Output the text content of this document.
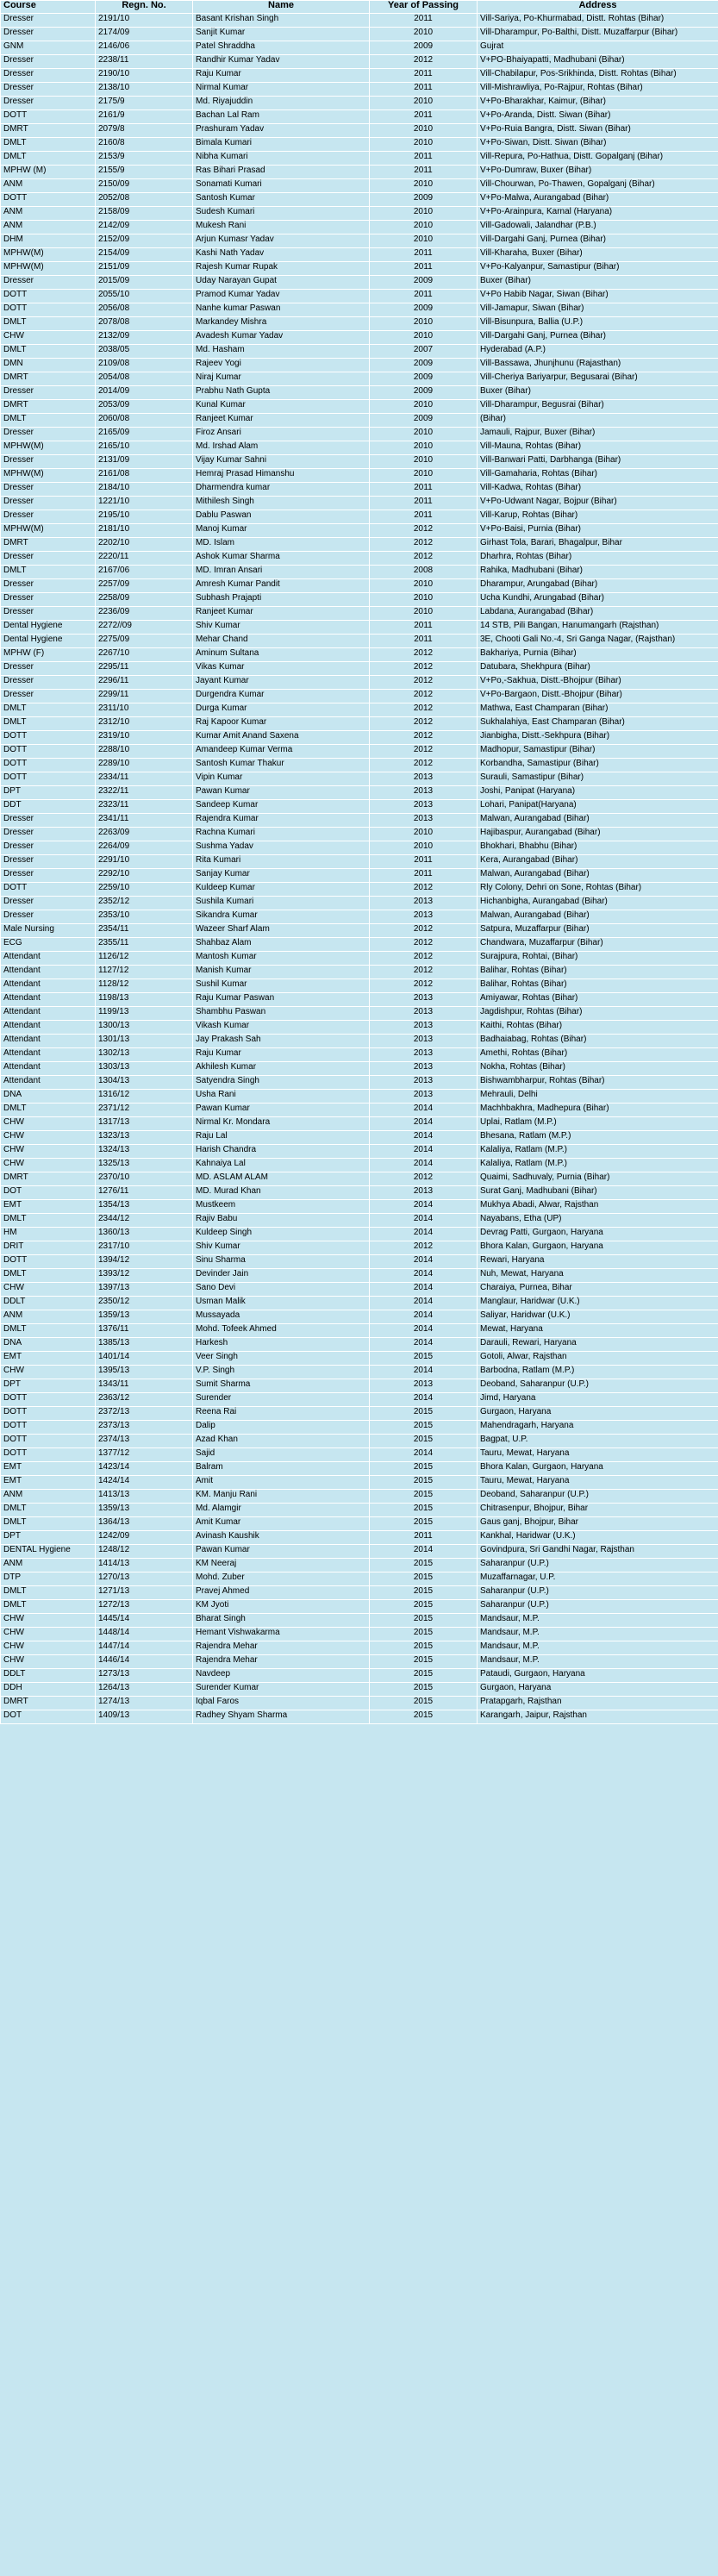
Course	Regn. No.	Name	Year of Passing	Address
Dresser	2191/10	Basant Krishan Singh	2011	Vill-Sariya, Po-Khurmabad, Distt. Rohtas (Bihar)
Dresser	2174/09	Sanjit Kumar	2010	Vill-Dharampur, Po-Balthi, Distt. Muzaffarpur (Bihar)
GNM	2146/06	Patel Shraddha	2009	Gujrat
Dresser	2238/11	Randhir Kumar Yadav	2012	V+PO-Bhaiyapatti, Madhubani (Bihar)
Dresser	2190/10	Raju Kumar	2011	Vill-Chabilapur, Pos-Srikhinda, Distt. Rohtas (Bihar)
Dresser	2138/10	Nirmal Kumar	2011	Vill-Mishrawliya, Po-Rajpur, Rohtas (Bihar)
Dresser	2175/9	Md. Riyajuddin	2010	V+Po-Bharakhar, Kaimur, (Bihar)
DOTT	2161/9	Bachan Lal Ram	2011	V+Po-Aranda, Distt. Siwan (Bihar)
DMRT	2079/8	Prashuram Yadav	2010	V+Po-Ruia Bangra, Distt. Siwan (Bihar)
DMLT	2160/8	Bimala Kumari	2010	V+Po-Siwan, Distt. Siwan (Bihar)
DMLT	2153/9	Nibha Kumari	2011	Vill-Repura, Po-Hathua, Distt. Gopalganj (Bihar)
MPHW (M)	2155/9	Ras Bihari Prasad	2011	V+Po-Dumraw, Buxer (Bihar)
ANM	2150/09	Sonamati Kumari	2010	Vill-Chourwan, Po-Thawen, Gopalganj (Bihar)
DOTT	2052/08	Santosh Kumar	2009	V+Po-Malwa, Aurangabad (Bihar)
ANM	2158/09	Sudesh Kumari	2010	V+Po-Arainpura, Karnal (Haryana)
ANM	2142/09	Mukesh Rani	2010	Vill-Gadowali, Jalandhar (P.B.)
DHM	2152/09	Arjun Kumasr Yadav	2010	Vill-Dargahi Ganj, Purnea (Bihar)
MPHW(M)	2154/09	Kashi Nath Yadav	2011	Vill-Kharaha, Buxer (Bihar)
MPHW(M)	2151/09	Rajesh Kumar Rupak	2011	V+Po-Kalyanpur, Samastipur (Bihar)
Dresser	2015/09	Uday Narayan Gupat	2009	Buxer (Bihar)
DOTT	2055/10	Pramod Kumar Yadav	2011	V+Po Habib Nagar, Siwan (Bihar)
DOTT	2056/08	Nanhe kumar Paswan	2009	Vill-Jamapur, Siwan (Bihar)
DMLT	2078/08	Markandey Mishra	2010	Vill-Bisunpura, Ballia (U.P.)
CHW	2132/09	Avadesh Kumar Yadav	2010	Vill-Dargahi Ganj, Purnea (Bihar)
DMLT	2038/05	Md. Hasham	2007	Hyderabad (A.P.)
DMN	2109/08	Rajeev Yogi	2009	Vill-Bassawa, Jhunjhunu (Rajasthan)
DMRT	2054/08	Niraj Kumar	2009	Vill-Cheriya Bariyarpur, Begusarai (Bihar)
Dresser	2014/09	Prabhu Nath Gupta	2009	Buxer (Bihar)
DMRT	2053/09	Kunal Kumar	2010	Vill-Dharampur, Begusrai (Bihar)
DMLT	2060/08	Ranjeet Kumar	2009	(Bihar)
Dresser	2165/09	Firoz Ansari	2010	Jamauli, Rajpur, Buxer (Bihar)
MPHW(M)	2165/10	Md. Irshad Alam	2010	Vill-Mauna, Rohtas (Bihar)
Dresser	2131/09	Vijay Kumar Sahni	2010	Vill-Banwari Patti, Darbhanga (Bihar)
MPHW(M)	2161/08	Hemraj Prasad Himanshu	2010	Vill-Gamaharia, Rohtas (Bihar)
Dresser	2184/10	Dharmendra kumar	2011	Vill-Kadwa, Rohtas (Bihar)
Dresser	1221/10	Mithilesh Singh	2011	V+Po-Udwant Nagar, Bojpur (Bihar)
Dresser	2195/10	Dablu Paswan	2011	Vill-Karup, Rohtas (Bihar)
MPHW(M)	2181/10	Manoj Kumar	2012	V+Po-Baisi, Purnia (Bihar)
DMRT	2202/10	MD. Islam	2012	Girhast Tola, Barari, Bhagalpur, Bihar
Dresser	2220/11	Ashok Kumar Sharma	2012	Dharhra, Rohtas (Bihar)
DMLT	2167/06	MD. Imran Ansari	2008	Rahika, Madhubani (Bihar)
Dresser	2257/09	Amresh Kumar Pandit	2010	Dharampur, Arungabad (Bihar)
Dresser	2258/09	Subhash Prajapti	2010	Ucha Kundhi, Arungabad (Bihar)
Dresser	2236/09	Ranjeet Kumar	2010	Labdana, Aurangabad (Bihar)
Dental Hygiene	2272//09	Shiv Kumar	2011	14 STB, Pili Bangan, Hanumangarh (Rajsthan)
Dental Hygiene	2275/09	Mehar Chand	2011	3E, Chooti Gali No.-4, Sri Ganga Nagar, (Rajsthan)
MPHW (F)	2267/10	Aminum Sultana	2012	Bakhariya, Purnia (Bihar)
Dresser	2295/11	Vikas Kumar	2012	Datubara, Shekhpura (Bihar)
Dresser	2296/11	Jayant Kumar	2012	V+Po,-Sakhua, Distt.-Bhojpur (Bihar)
Dresser	2299/11	Durgendra Kumar	2012	V+Po-Bargaon, Distt.-Bhojpur (Bihar)
DMLT	2311/10	Durga Kumar	2012	Mathwa, East Champaran (Bihar)
DMLT	2312/10	Raj Kapoor Kumar	2012	Sukhalahiya, East Champaran (Bihar)
DOTT	2319/10	Kumar Amit Anand Saxena	2012	Jianbigha, Distt.-Sekhpura (Bihar)
DOTT	2288/10	Amandeep Kumar Verma	2012	Madhopur, Samastipur (Bihar)
DOTT	2289/10	Santosh Kumar Thakur	2012	Korbandha, Samastipur (Bihar)
DOTT	2334/11	Vipin Kumar	2013	Surauli, Samastipur (Bihar)
DPT	2322/11	Pawan Kumar	2013	Joshi, Panipat (Haryana)
DDT	2323/11	Sandeep Kumar	2013	Lohari, Panipat(Haryana)
Dresser	2341/11	Rajendra Kumar	2013	Malwan, Aurangabad (Bihar)
Dresser	2263/09	Rachna Kumari	2010	Hajibaspur, Aurangabad (Bihar)
Dresser	2264/09	Sushma Yadav	2010	Bhokhari, Bhabhu (Bihar)
Dresser	2291/10	Rita Kumari	2011	Kera, Aurangabad (Bihar)
Dresser	2292/10	Sanjay Kumar	2011	Malwan, Aurangabad (Bihar)
DOTT	2259/10	Kuldeep Kumar	2012	Rly Colony, Dehri on Sone, Rohtas (Bihar)
Dresser	2352/12	Sushila Kumari	2013	Hichanbigha, Aurangabad (Bihar)
Dresser	2353/10	Sikandra Kumar	2013	Malwan, Aurangabad (Bihar)
Male Nursing	2354/11	Wazeer Sharf Alam	2012	Satpura, Muzaffarpur (Bihar)
ECG	2355/11	Shahbaz Alam	2012	Chandwara, Muzaffarpur (Bihar)
Attendant	1126/12	Mantosh Kumar	2012	Surajpura, Rohtai, (Bihar)
Attendant	1127/12	Manish Kumar	2012	Balihar, Rohtas (Bihar)
Attendant	1128/12	Sushil Kumar	2012	Balihar, Rohtas (Bihar)
Attendant	1198/13	Raju Kumar Paswan	2013	Amiyawar, Rohtas (Bihar)
Attendant	1199/13	Shambhu Paswan	2013	Jagdishpur, Rohtas (Bihar)
Attendant	1300/13	Vikash Kumar	2013	Kaithi, Rohtas (Bihar)
Attendant	1301/13	Jay Prakash Sah	2013	Badhaiabag, Rohtas (Bihar)
Attendant	1302/13	Raju Kumar	2013	Amethi, Rohtas (Bihar)
Attendant	1303/13	Akhilesh Kumar	2013	Nokha, Rohtas (Bihar)
Attendant	1304/13	Satyendra Singh	2013	Bishwambharpur, Rohtas (Bihar)
DNA	1316/12	Usha Rani	2013	Mehrauli, Delhi
DMLT	2371/12	Pawan Kumar	2014	Machhbakhra, Madhepura (Bihar)
CHW	1317/13	Nirmal Kr. Mondara	2014	Uplai, Ratlam (M.P.)
CHW	1323/13	Raju Lal	2014	Bhesana, Ratlam (M.P.)
CHW	1324/13	Harish Chandra	2014	Kalaliya, Ratlam (M.P.)
CHW	1325/13	Kahnaiya Lal	2014	Kalaliya, Ratlam (M.P.)
DMRT	2370/10	MD. ASLAM ALAM	2012	Quaimi, Sadhuvaly, Purnia (Bihar)
DOT	1276/11	MD. Murad Khan	2013	Surat Ganj, Madhubani (Bihar)
EMT	1354/13	Mustkeem	2014	Mukhya Abadi, Alwar, Rajsthan
DMLT	2344/12	Rajiv Babu	2014	Nayabans, Etha (UP)
HM	1360/13	Kuldeep Singh	2014	Devrag Patti, Gurgaon, Haryana
DRIT	2317/10	Shiv Kumar	2012	Bhora Kalan, Gurgaon, Haryana
DOTT	1394/12	Sinu Sharma	2014	Rewari, Haryana
DMLT	1393/12	Devinder Jain	2014	Nuh, Mewat, Haryana
CHW	1397/13	Sano Devi	2014	Charaiya, Purnea, Bihar
DDLT	2350/12	Usman Malik	2014	Manglaur, Haridwar (U.K.)
ANM	1359/13	Mussayada	2014	Saliyar, Haridwar (U.K.)
DMLT	1376/11	Mohd. Tofeek Ahmed	2014	Mewat, Haryana
DNA	1385/13	Harkesh	2014	Darauli, Rewari, Haryana
EMT	1401/14	Veer Singh	2015	Gotoli, Alwar, Rajsthan
CHW	1395/13	V.P. Singh	2014	Barbodna, Ratlam (M.P.)
DPT	1343/11	Sumit Sharma	2013	Deoband, Saharanpur (U.P.)
DOTT	2363/12	Surender	2014	Jimd, Haryana
DOTT	2372/13	Reena Rai	2015	Gurgaon, Haryana
DOTT	2373/13	Dalip	2015	Mahendragarh, Haryana
DOTT	2374/13	Azad Khan	2015	Bagpat, U.P.
DOTT	1377/12	Sajid	2014	Tauru, Mewat, Haryana
EMT	1423/14	Balram	2015	Bhora Kalan, Gurgaon, Haryana
EMT	1424/14	Amit	2015	Tauru, Mewat, Haryana
ANM	1413/13	KM. Manju Rani	2015	Deoband, Saharanpur (U.P.)
DMLT	1359/13	Md. Alamgir	2015	Chitrasenpur, Bhojpur, Bihar
DMLT	1364/13	Amit Kumar	2015	Gaus ganj, Bhojpur, Bihar
DPT	1242/09	Avinash Kaushik	2011	Kankhal, Haridwar (U.K.)
DENTAL Hygiene	1248/12	Pawan Kumar	2014	Govindpura, Sri Gandhi Nagar, Rajsthan
ANM	1414/13	KM Neeraj	2015	Saharanpur (U.P.)
DTP	1270/13	Mohd. Zuber	2015	Muzaffarnagar, U.P.
DMLT	1271/13	Pravej Ahmed	2015	Saharanpur (U.P.)
DMLT	1272/13	KM Jyoti	2015	Saharanpur (U.P.)
CHW	1445/14	Bharat Singh	2015	Mandsaur, M.P.
CHW	1448/14	Hemant Vishwakarma	2015	Mandsaur, M.P.
CHW	1447/14	Rajendra Mehar	2015	Mandsaur, M.P.
CHW	1446/14	Rajendra Mehar	2015	Mandsaur, M.P.
DDLT	1273/13	Navdeep	2015	Pataudi, Gurgaon, Haryana
DDH	1264/13	Surender Kumar	2015	Gurgaon, Haryana
DMRT	1274/13	Iqbal Faros	2015	Pratapgarh, Rajsthan
DOT	1409/13	Radhey Shyam Sharma	2015	Karangarh, Jaipur, Rajsthan
